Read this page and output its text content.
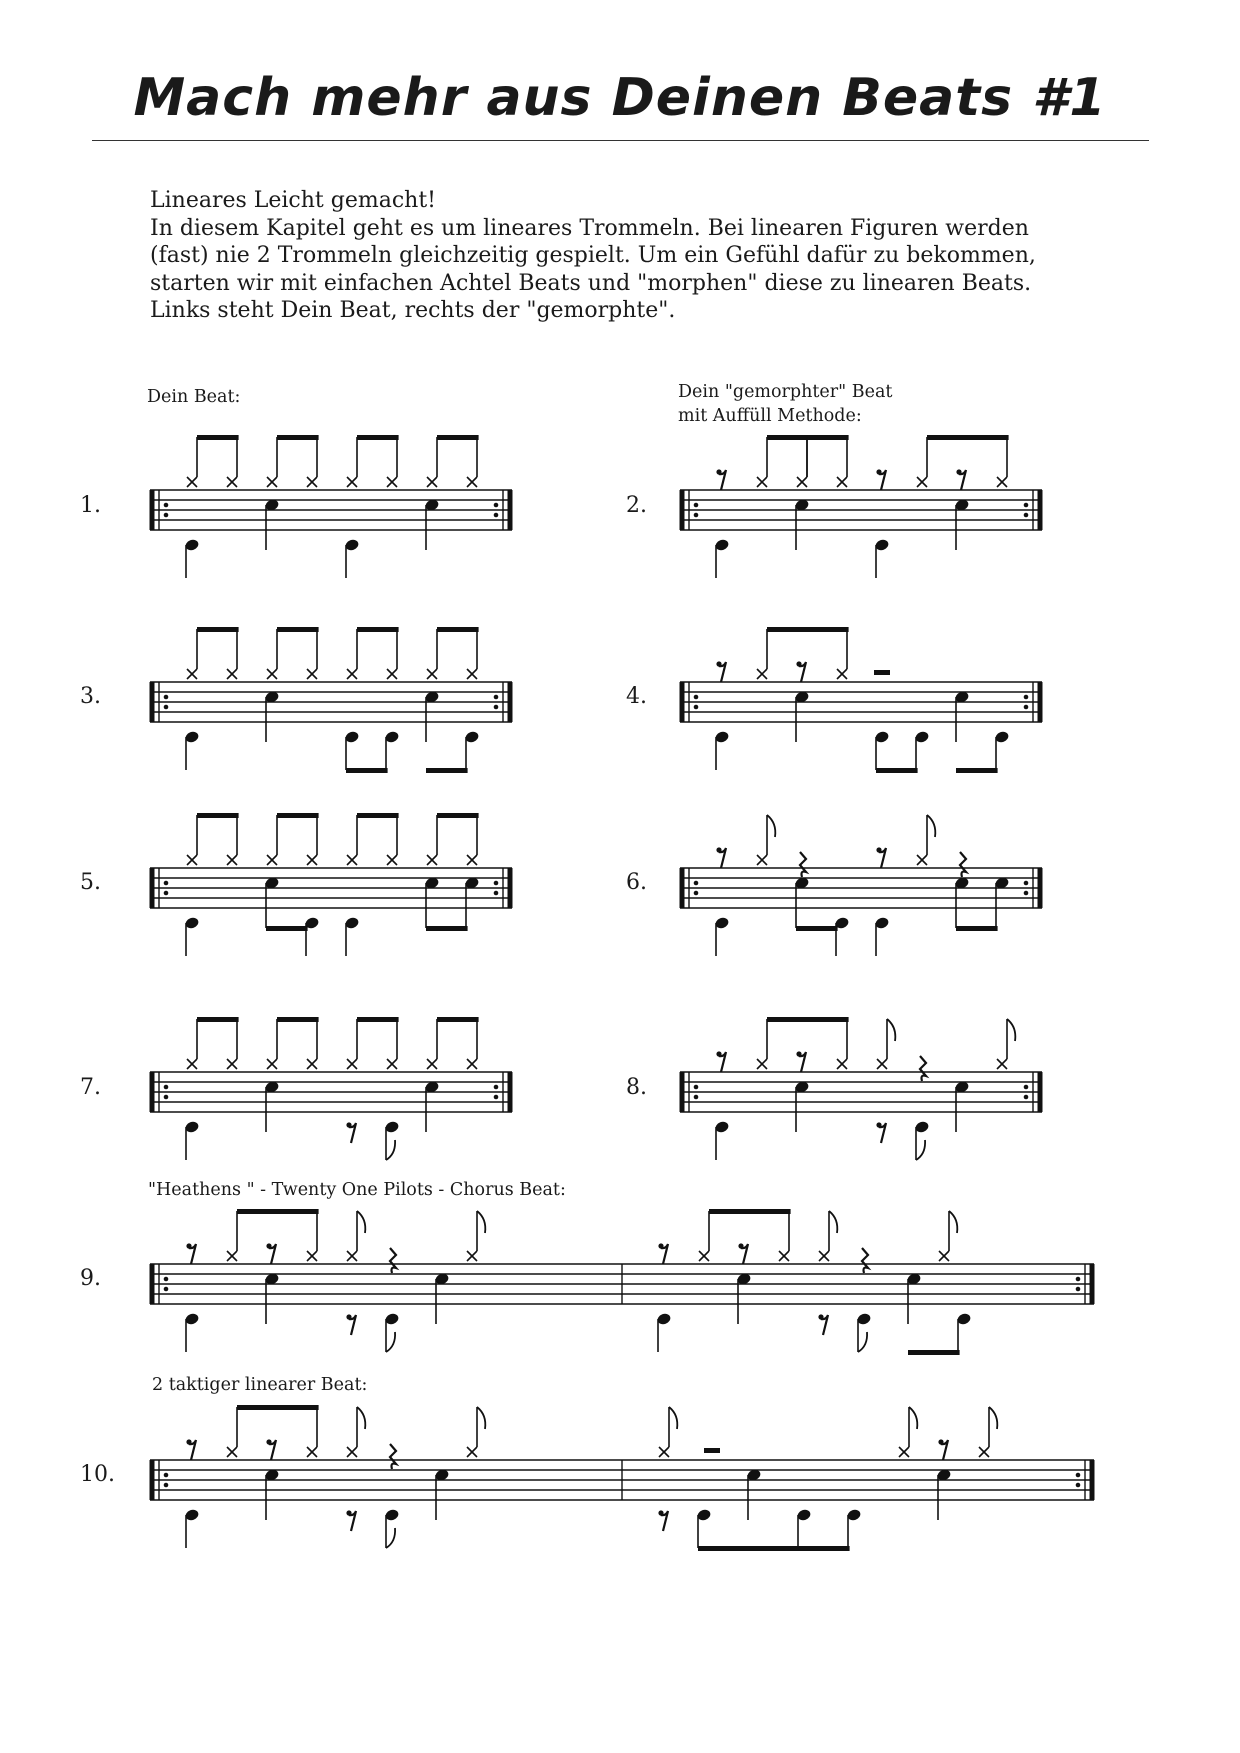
Mach mehr aus Deinen Beats #1
Lineares Leicht gemacht!
In diesem Kapitel geht es um lineares Trommeln. Bei linearen Figuren werden
(fast) nie 2 Trommeln gleichzeitig gespielt. Um ein Gefühl dafür zu bekommen,
starten wir mit einfachen Achtel Beats und "morphen" diese zu linearen Beats.
Links steht Dein Beat, rechts der "gemorphte".
Dein Beat:	Dein "gemorphter" Beat
mit Auffüll Methode:
"Heathens " - Twenty One Pilots - Chorus Beat:
2 taktiger linearer Beat:
1.	2.
3.	4.
5.	6.
7.	8.
9.
10.
